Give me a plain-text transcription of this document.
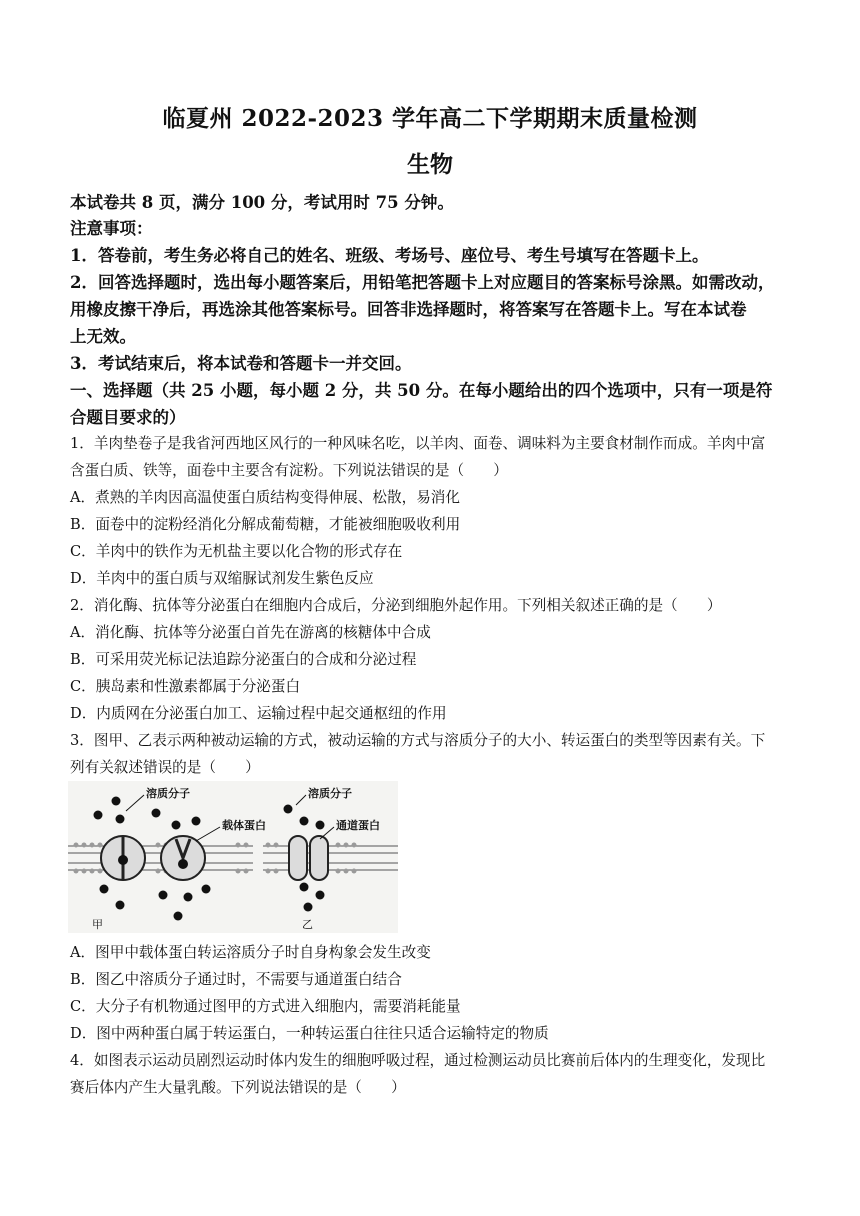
临夏州 2022-2023 学年高二下学期期末质量检测
生物
本试卷共 8 页，满分 100 分，考试用时 75 分钟。
注意事项：
1．答卷前，考生务必将自己的姓名、班级、考场号、座位号、考生号填写在答题卡上。
2．回答选择题时，选出每小题答案后，用铅笔把答题卡上对应题目的答案标号涂黑。如需改动，
用橡皮擦干净后，再选涂其他答案标号。回答非选择题时，将答案写在答题卡上。写在本试卷
上无效。
3．考试结束后，将本试卷和答题卡一并交回。
一、选择题（共 25 小题，每小题 2 分，共 50 分。在每小题给出的四个选项中，只有一项是符
合题目要求的）
1．羊肉垫卷子是我省河西地区风行的一种风味名吃，以羊肉、面卷、调味料为主要食材制作而成。羊肉中富
含蛋白质、铁等，面卷中主要含有淀粉。下列说法错误的是（　　）
A．煮熟的羊肉因高温使蛋白质结构变得伸展、松散，易消化
B．面卷中的淀粉经消化分解成葡萄糖，才能被细胞吸收利用
C．羊肉中的铁作为无机盐主要以化合物的形式存在
D．羊肉中的蛋白质与双缩脲试剂发生紫色反应
2．消化酶、抗体等分泌蛋白在细胞内合成后，分泌到细胞外起作用。下列相关叙述正确的是（　　）
A．消化酶、抗体等分泌蛋白首先在游离的核糖体中合成
B．可采用荧光标记法追踪分泌蛋白的合成和分泌过程
C．胰岛素和性激素都属于分泌蛋白
D．内质网在分泌蛋白加工、运输过程中起交通枢纽的作用
3．图甲、乙表示两种被动运输的方式，被动运输的方式与溶质分子的大小、转运蛋白的类型等因素有关。下
列有关叙述错误的是（　　）
溶质分子
载体蛋白
溶质分子
通道蛋白
甲	乙
A．图甲中载体蛋白转运溶质分子时自身构象会发生改变
B．图乙中溶质分子通过时，不需要与通道蛋白结合
C．大分子有机物通过图甲的方式进入细胞内，需要消耗能量
D．图中两种蛋白属于转运蛋白，一种转运蛋白往往只适合运输特定的物质
4．如图表示运动员剧烈运动时体内发生的细胞呼吸过程，通过检测运动员比赛前后体内的生理变化，发现比
赛后体内产生大量乳酸。下列说法错误的是（　　）
